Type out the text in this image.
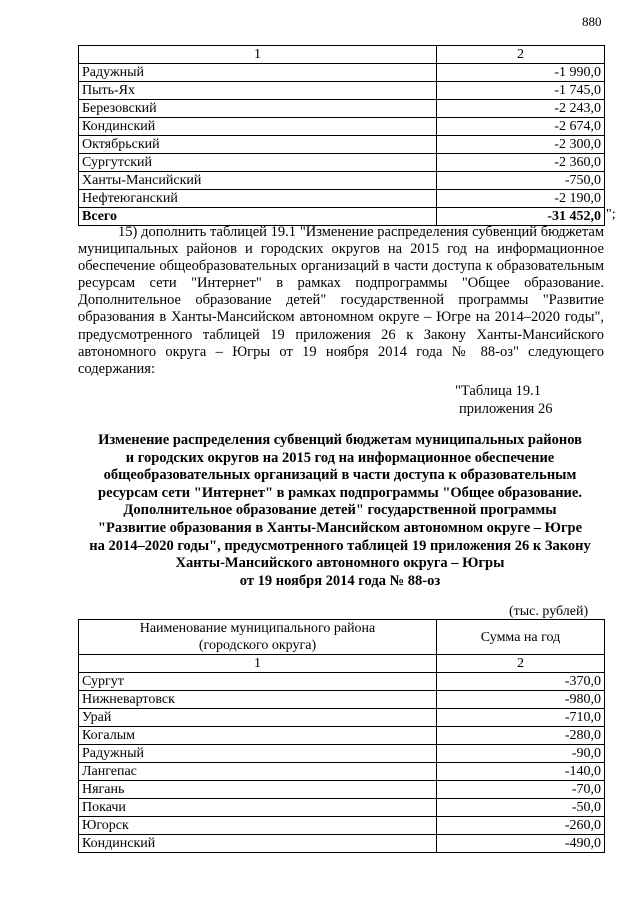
880
1	2
Радужный	-1 990,0
Пыть-Ях	-1 745,0
Березовский	-2 243,0
Кондинский	-2 674,0
Октябрьский	-2 300,0
Сургутский	-2 360,0
Ханты-Мансийский	-750,0
Нефтеюганский	-2 190,0
Всего	-31 452,0 ";
15) дополнить таблицей 19.1 "Изменение распределения субвенций бюджетам муниципальных районов и городских округов на 2015 год на информационное обеспечение общеобразовательных организаций в части доступа к образовательным ресурсам сети "Интернет" в рамках подпрограммы "Общее образование. Дополнительное образование детей" государственной программы "Развитие образования в Ханты-Мансийском автономном округе – Югре на 2014–2020 годы", предусмотренного таблицей 19 приложения 26 к Закону Ханты-Мансийского автономного округа – Югры от 19 ноября 2014 года № 88-оз" следующего содержания:
"Таблица 19.1
приложения 26
Изменение распределения субвенций бюджетам муниципальных районов
и городских округов на 2015 год на информационное обеспечение
общеобразовательных организаций в части доступа к образовательным
ресурсам сети "Интернет" в рамках подпрограммы "Общее образование.
Дополнительное образование детей" государственной программы
"Развитие образования в Ханты-Мансийском автономном округе – Югре
на 2014–2020 годы", предусмотренного таблицей 19 приложения 26 к Закону
Ханты-Мансийского автономного округа – Югры
от 19 ноября 2014 года № 88-оз
(тыс. рублей)
Наименование муниципального района
(городского округа)	Сумма на год
1	2
Сургут	-370,0
Нижневартовск	-980,0
Урай	-710,0
Когалым	-280,0
Радужный	-90,0
Лангепас	-140,0
Нягань	-70,0
Покачи	-50,0
Югорск	-260,0
Кондинский	-490,0
